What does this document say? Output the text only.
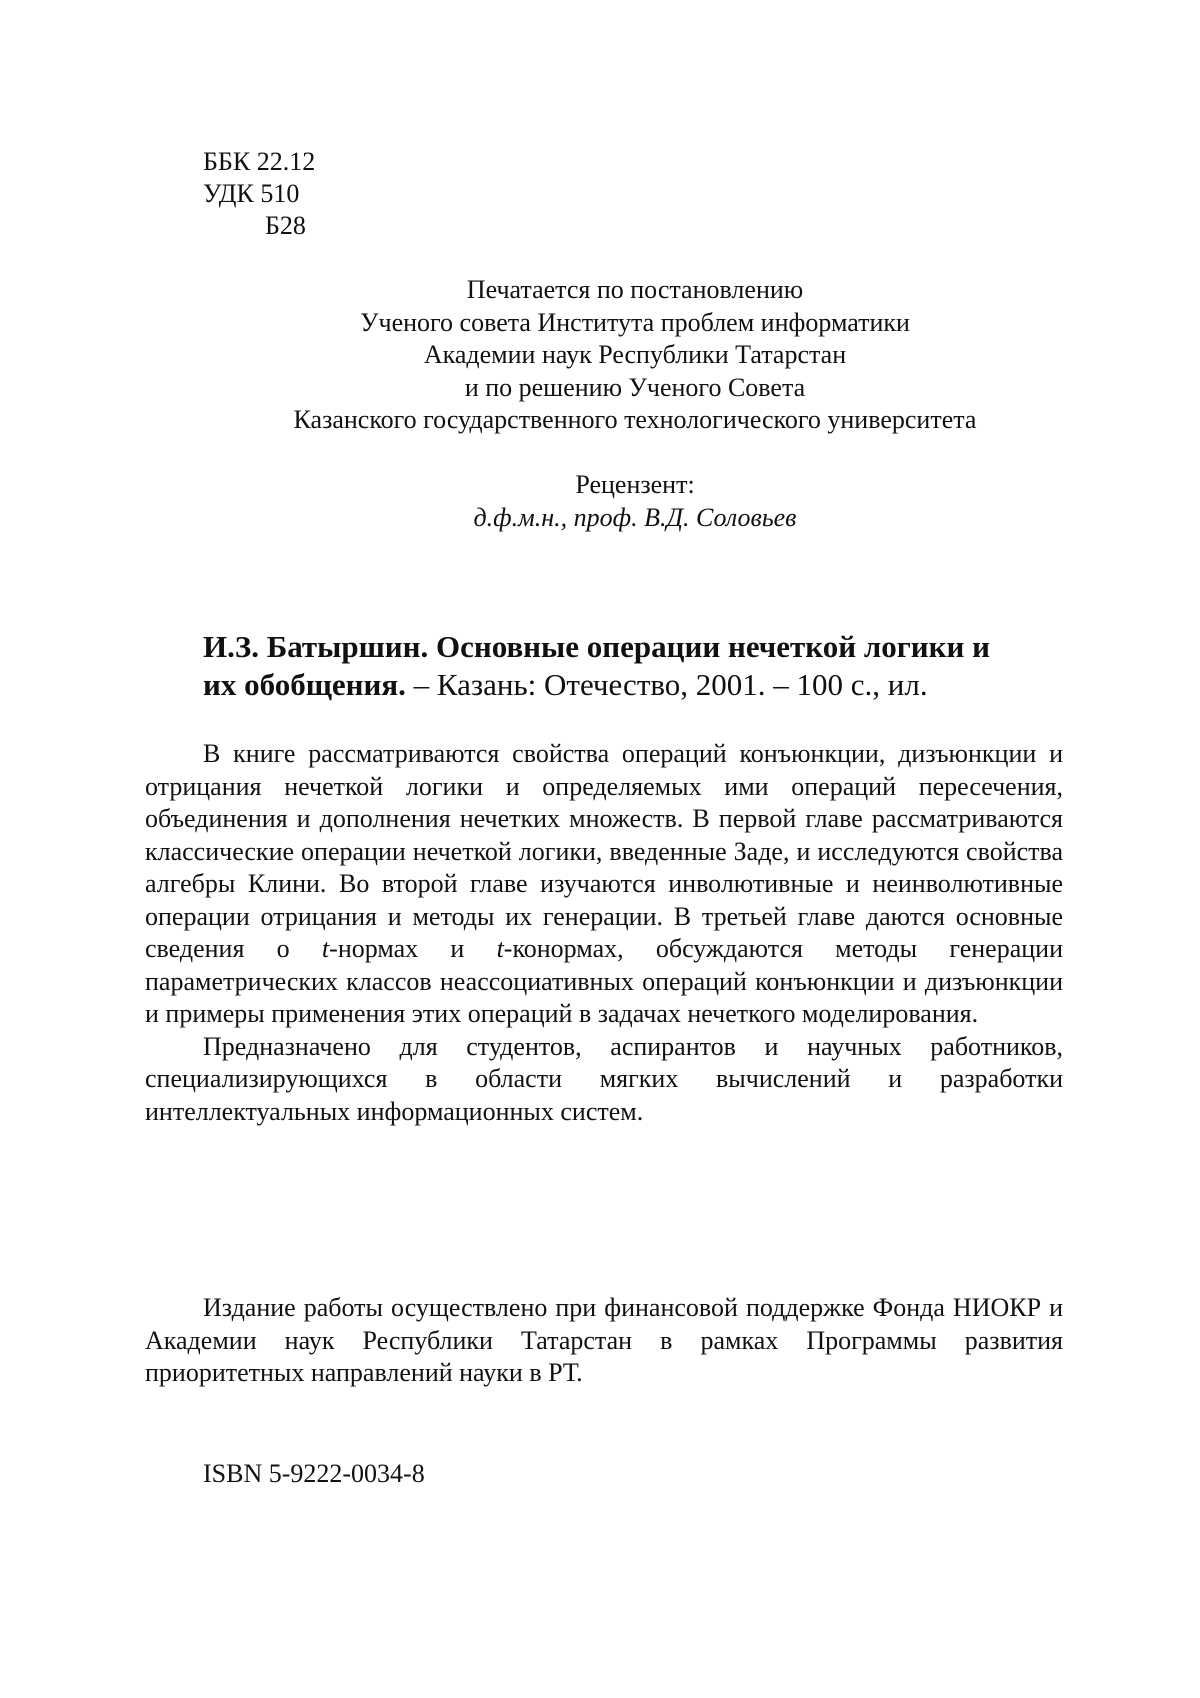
ББК 22.12
УДК 510
Б28
Печатается по постановлению
Ученого совета Института проблем информатики
Академии наук Республики Татарстан
и по решению Ученого Совета
Казанского государственного технологического университета
Рецензент:
д.ф.м.н., проф. В.Д. Соловьев
И.З. Батыршин. Основные операции нечеткой логики и
их обобщения. – Казань: Отечество, 2001. – 100 с., ил.

В книге рассматриваются свойства операций конъюнкции, дизъюнкции и отрицания нечеткой логики и определяемых ими операций пересечения, объединения и дополнения нечетких множеств. В первой главе рассматриваются классические операции нечеткой логики, введенные Заде, и исследуются свойства алгебры Клини. Во второй главе изучаются инволютивные и неинволютивные операции отрицания и методы их генерации. В третьей главе даются основные сведения о t-нормах и t-конормах, обсуждаются методы генерации параметрических классов неассоциативных операций конъюнкции и дизъюнкции и примеры применения этих операций в задачах нечеткого моделирования.

Предназначено для студентов, аспирантов и научных работников, специализирующихся в области мягких вычислений и разработки интеллектуальных информационных систем.

Издание работы осуществлено при финансовой поддержке Фонда НИОКР и Академии наук Республики Татарстан в рамках Программы развития приоритетных направлений науки в РТ.

ISBN 5-9222-0034-8
